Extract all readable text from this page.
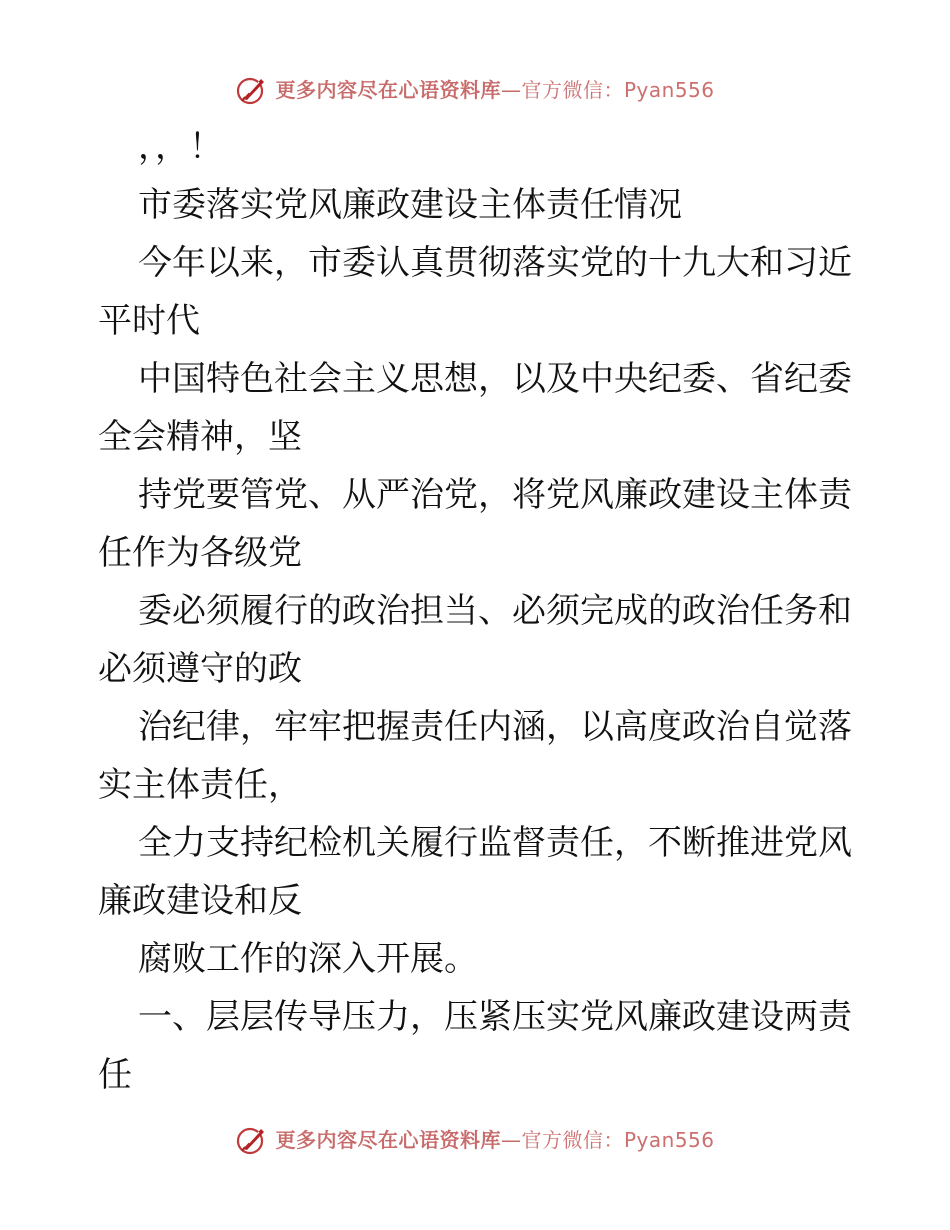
更多内容尽在心语资料库—官方微信：Pyan556
，，！
市委落实党风廉政建设主体责任情况
今年以来，市委认真贯彻落实党的十九大和习近
平时代
中国特色社会主义思想，以及中央纪委、省纪委
全会精神，坚
持党要管党、从严治党，将党风廉政建设主体责
任作为各级党
委必须履行的政治担当、必须完成的政治任务和
必须遵守的政
治纪律，牢牢把握责任内涵，以高度政治自觉落
实主体责任，
全力支持纪检机关履行监督责任，不断推进党风
廉政建设和反
腐败工作的深入开展。
一、层层传导压力，压紧压实党风廉政建设两责
任
更多内容尽在心语资料库—官方微信：Pyan556
